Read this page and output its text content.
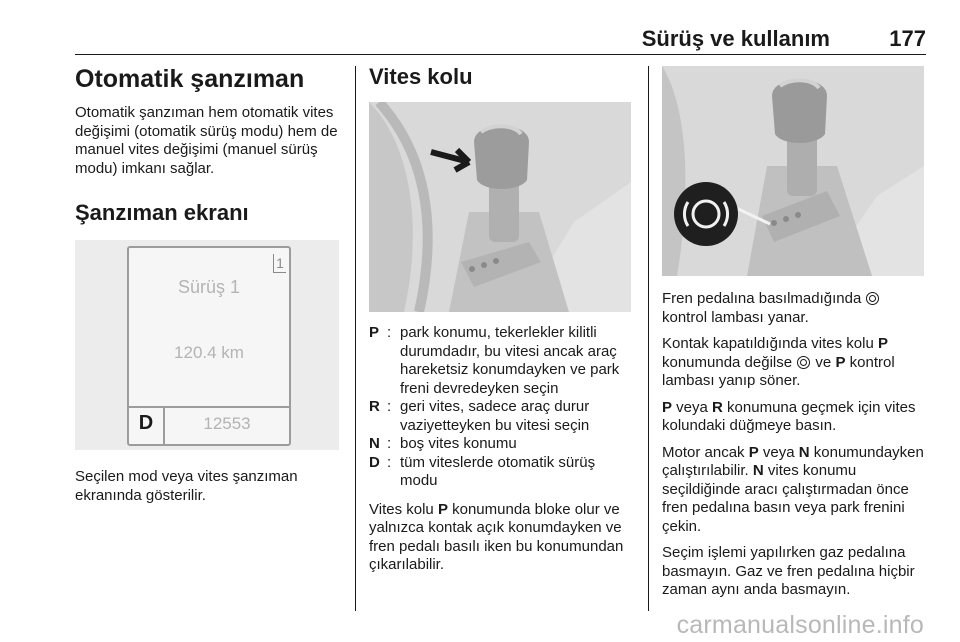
Sürüş ve kullanım	177
Otomatik şanzıman

Otomatik şanzıman hem otomatik vites değişimi (otomatik sürüş modu) hem de manuel vites değişimi (manuel sürüş modu) imkanı sağlar.

Şanzıman ekranı
1
Sürüş 1
120.4 km
D	12553

Seçilen mod veya vites şanzıman ekranında gösterilir.

Vites kolu
P : park konumu, tekerlekler kilitli durumdadır, bu vitesi ancak araç hareketsiz konumdayken ve park freni devredeyken seçin
R : geri vites, sadece araç durur vaziyetteyken bu vitesi seçin
N : boş vites konumu
D : tüm viteslerde otomatik sürüş modu

Vites kolu P konumunda bloke olur ve yalnızca kontak açık konumdayken ve fren pedalı basılı iken bu konumundan çıkarılabilir.

Fren pedalına basılmadığında  kontrol lambası yanar.

Kontak kapatıldığında vites kolu P konumunda değilse  ve P kontrol lambası yanıp söner.

P veya R konumuna geçmek için vites kolundaki düğmeye basın.

Motor ancak P veya N konumundayken çalıştırılabilir. N vites konumu seçildiğinde aracı çalıştırmadan önce fren pedalına basın veya park frenini çekin.

Seçim işlemi yapılırken gaz pedalına basmayın. Gaz ve fren pedalına hiçbir zaman aynı anda basmayın.

carmanualsonline.info
